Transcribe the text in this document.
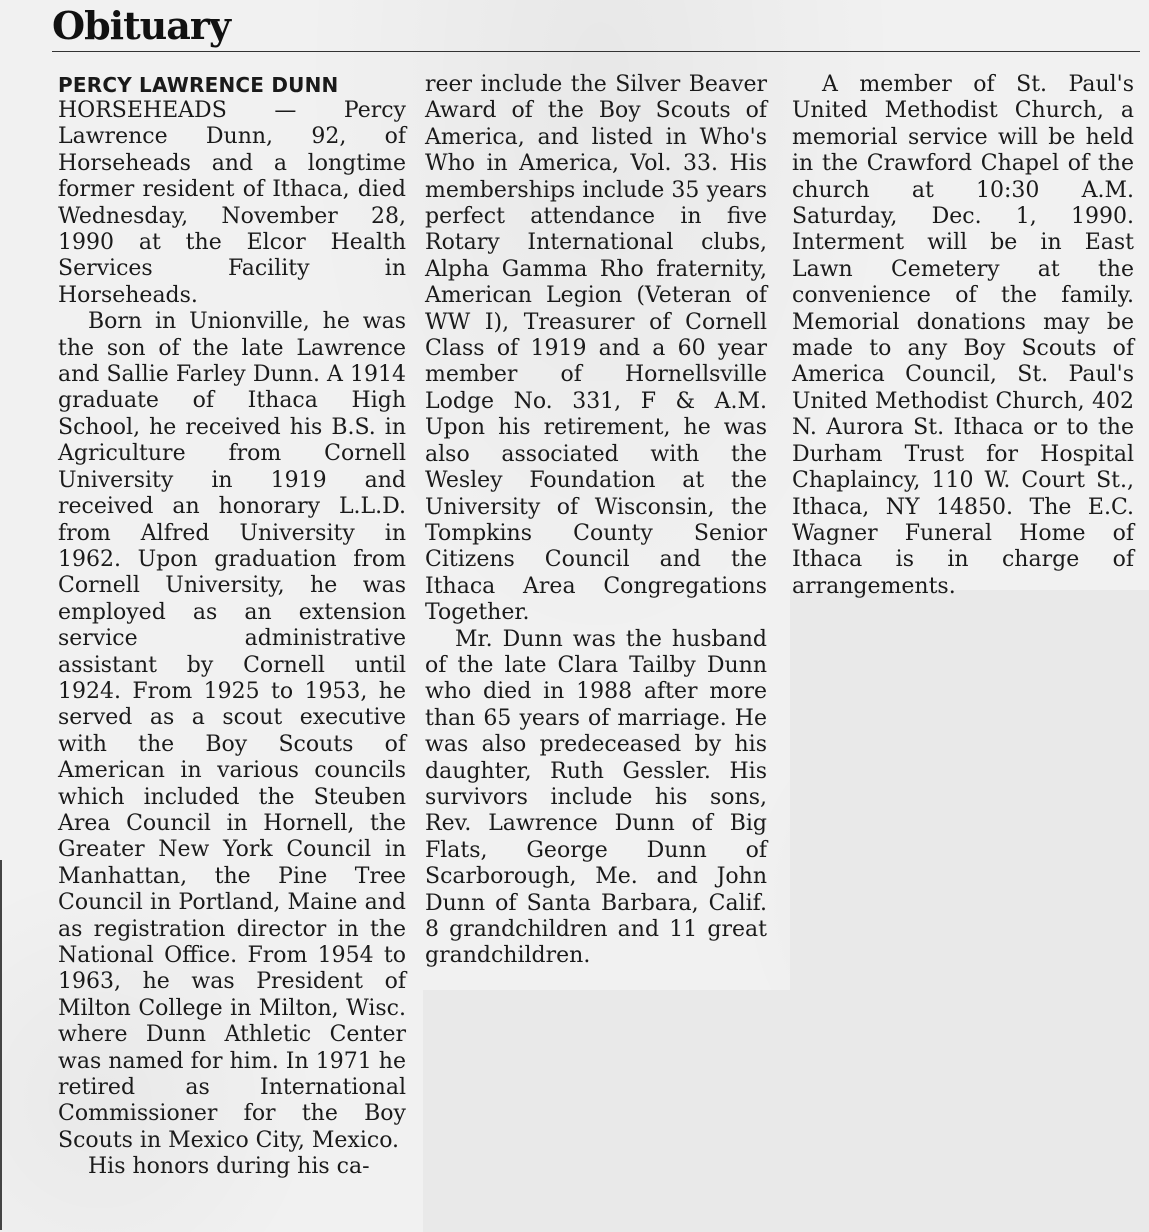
Obituary
PERCY LAWRENCE DUNN

HORSEHEADS — Percy Lawrence Dunn, 92, of Horseheads and a longtime former resident of Ithaca, died Wednesday, November 28, 1990 at the Elcor Health Services Facility in Horseheads.

Born in Unionville, he was the son of the late Lawrence and Sallie Farley Dunn. A 1914 graduate of Ithaca High School, he received his B.S. in Agriculture from Cornell University in 1919 and received an honorary L.L.D. from Alfred University in 1962. Upon graduation from Cornell University, he was employed as an extension service administrative assistant by Cornell until 1924. From 1925 to 1953, he served as a scout executive with the Boy Scouts of American in various councils which included the Steuben Area Council in Hornell, the Greater New York Council in Manhattan, the Pine Tree Council in Portland, Maine and as registration director in the National Office. From 1954 to 1963, he was President of Milton College in Milton, Wisc. where Dunn Athletic Center was named for him. In 1971 he retired as International Commissioner for the Boy Scouts in Mexico City, Mexico.

His honors during his ca-

reer include the Silver Beaver Award of the Boy Scouts of America, and listed in Who's Who in America, Vol. 33. His memberships include 35 years perfect attendance in five Rotary International clubs, Alpha Gamma Rho fraternity, American Legion (Veteran of WW I), Treasurer of Cornell Class of 1919 and a 60 year member of Hornellsville Lodge No. 331, F & A.M. Upon his retirement, he was also associated with the Wesley Foundation at the University of Wisconsin, the Tompkins County Senior Citizens Council and the Ithaca Area Congregations Together.

Mr. Dunn was the husband of the late Clara Tailby Dunn who died in 1988 after more than 65 years of marriage. He was also predeceased by his daughter, Ruth Gessler. His survivors include his sons, Rev. Lawrence Dunn of Big Flats, George Dunn of Scarborough, Me. and John Dunn of Santa Barbara, Calif. 8 grandchildren and 11 great grandchildren.

A member of St. Paul's United Methodist Church, a memorial service will be held in the Crawford Chapel of the church at 10:30 A.M. Saturday, Dec. 1, 1990. Interment will be in East Lawn Cemetery at the convenience of the family. Memorial donations may be made to any Boy Scouts of America Council, St. Paul's United Methodist Church, 402 N. Aurora St. Ithaca or to the Durham Trust for Hospital Chaplaincy, 110 W. Court St., Ithaca, NY 14850. The E.C. Wagner Funeral Home of Ithaca is in charge of arrangements.
